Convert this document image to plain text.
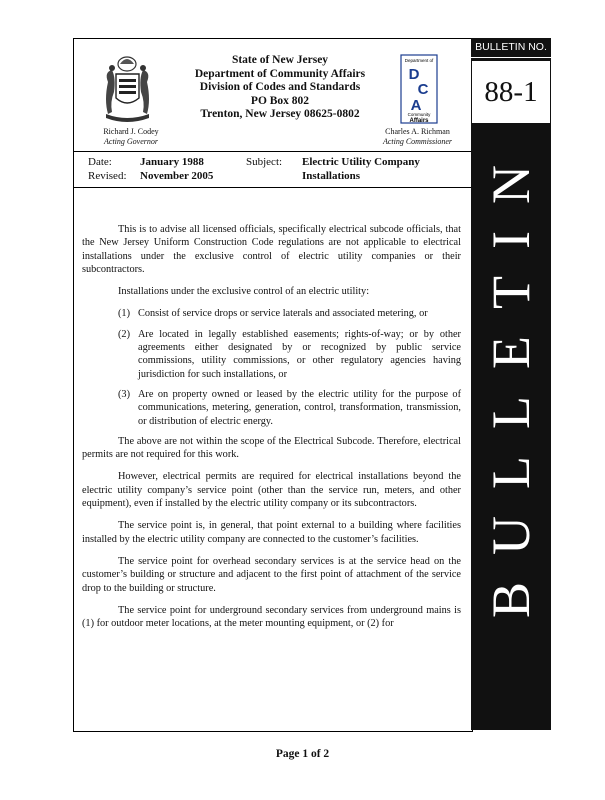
Department of
D
C
A
Community
Affairs
State of New Jersey
Department of Community Affairs
Division of Codes and Standards
PO Box 802
Trenton, New Jersey 08625-0802
Richard J. Codey
Acting Governor
Charles A. Richman
Acting Commissioner
Date:	January 1988
Revised: November 2005
Subject: Electric Utility Company
Installations

This is to advise all licensed officials, specifically electrical subcode officials, that the New Jersey Uniform Construction Code regulations are not applicable to electrical installations under the exclusive control of electric utility companies or their subcontractors.

Installations under the exclusive control of an electric utility:

(1) Consist of service drops or service laterals and associated metering, or
(2) Are located in legally established easements; rights-of-way; or by other agreements either designated by or recognized by public service commissions, utility commissions, or other regulatory agencies having jurisdiction for such installations, or
(3) Are on property owned or leased by the electric utility for the purpose of communications, metering, generation, control, transformation, transmission, or distribution of electric energy.

The above are not within the scope of the Electrical Subcode. Therefore, electrical permits are not required for this work.

However, electrical permits are required for electrical installations beyond the electric utility company’s service point (other than the service run, meters, and other equipment), even if installed by the electric utility company or its subcontractors.

The service point is, in general, that point external to a building where facilities installed by the electric utility company are connected to the customer’s facilities.

The service point for overhead secondary services is at the service head on the customer’s building or structure and adjacent to the first point of attachment of the service drop to the building or structure.

The service point for underground secondary services from underground mains is (1) for outdoor meter locations, at the meter mounting equipment, or (2) for

BULLETIN NO.
88-1
BULLETIN
Page 1 of 2
